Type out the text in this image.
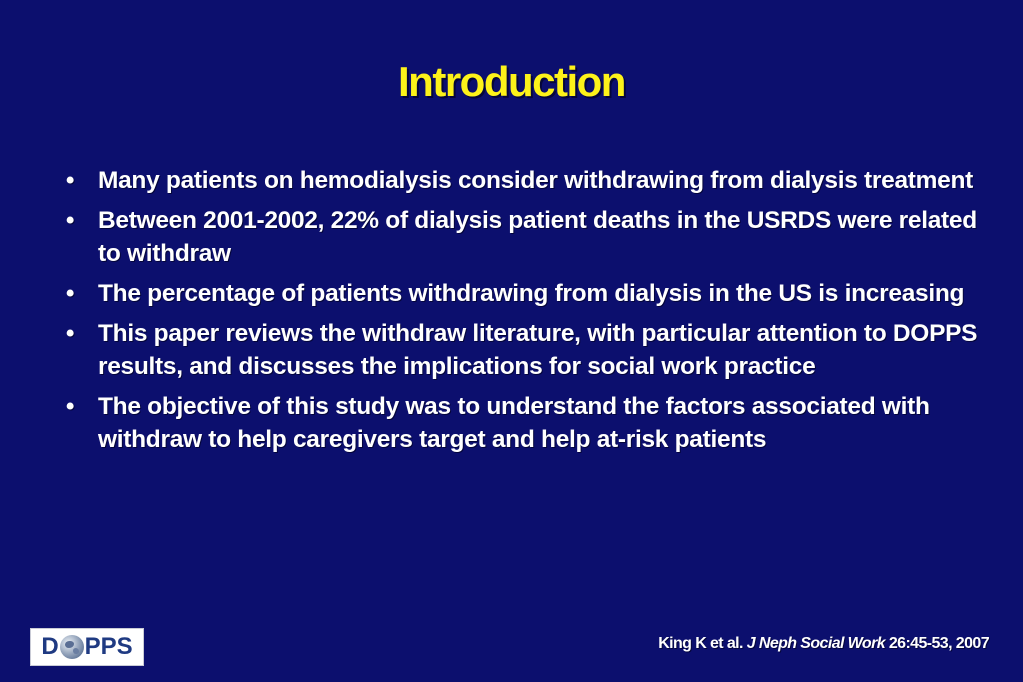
Introduction
• Many patients on hemodialysis consider withdrawing from dialysis treatment
• Between 2001-2002, 22% of dialysis patient deaths in the USRDS were related to withdraw
• The percentage of patients withdrawing from dialysis in the US is increasing
• This paper reviews the withdraw literature, with particular attention to DOPPS results, and discusses the implications for social work practice
• The objective of this study was to understand the factors associated with withdraw to help caregivers target and help at-risk patients
D PPS	King K et al. J Neph Social Work 26:45-53, 2007
